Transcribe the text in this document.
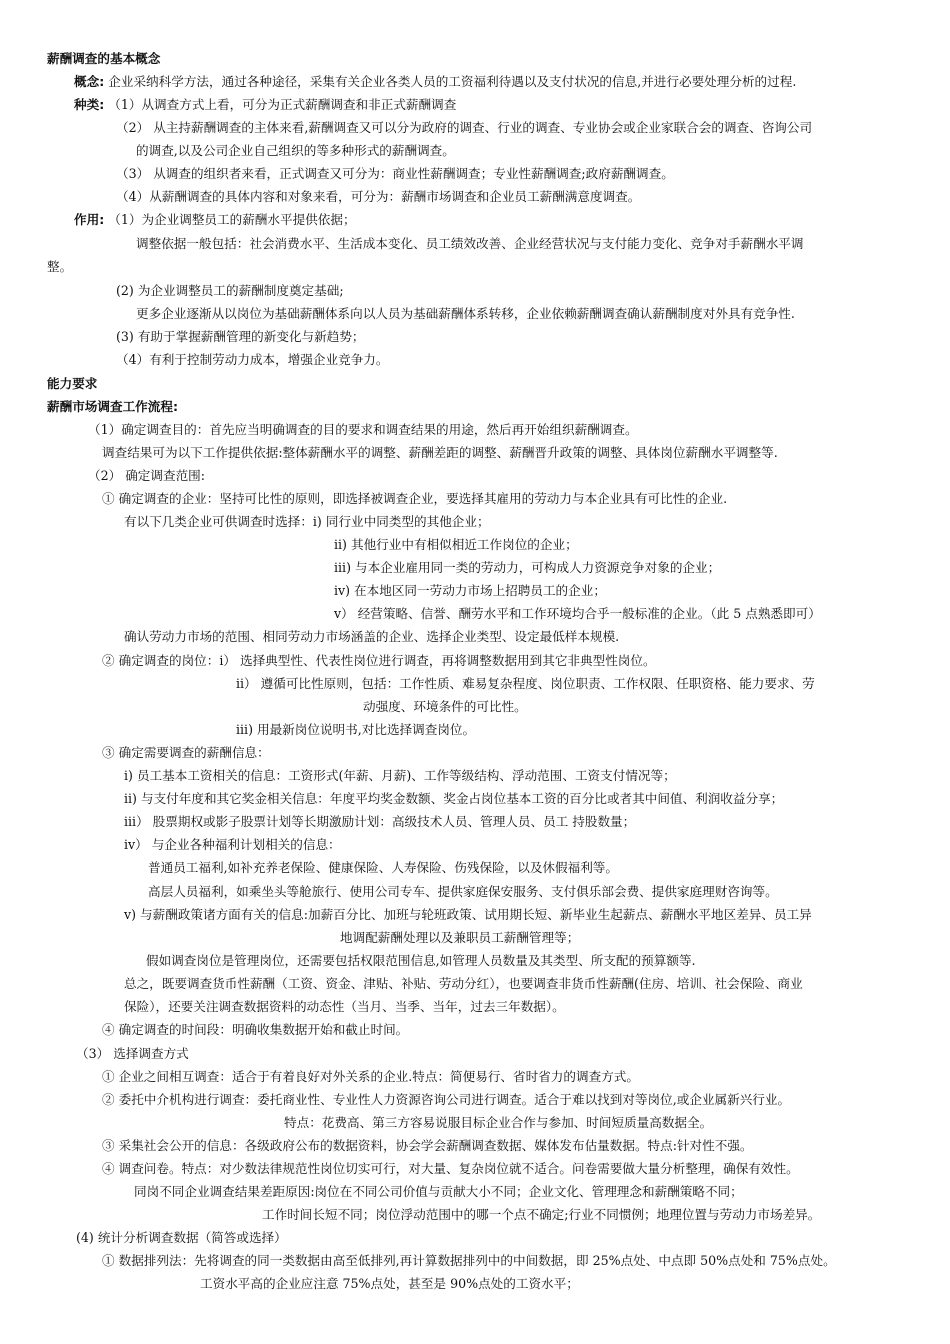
薪酬调查的基本概念
概念: 企业采纳科学方法，通过各种途径，采集有关企业各类人员的工资福利待遇以及支付状况的信息,并进行必要处理分析的过程.
种类: （1）从调查方式上看，可分为正式薪酬调查和非正式薪酬调查
（2） 从主持薪酬调查的主体来看,薪酬调查又可以分为政府的调查、行业的调查、专业协会或企业家联合会的调查、咨询公司
的调查,以及公司企业自己组织的等多种形式的薪酬调查。
（3） 从调查的组织者来看，正式调查又可分为：商业性薪酬调查；专业性薪酬调查;政府薪酬调查。
（4）从薪酬调查的具体内容和对象来看，可分为：薪酬市场调查和企业员工薪酬满意度调查。
作用: （1）为企业调整员工的薪酬水平提供依据；
调整依据一般包括：社会消费水平、生活成本变化、员工绩效改善、企业经营状况与支付能力变化、竞争对手薪酬水平调
整。
(2) 为企业调整员工的薪酬制度奠定基础;
更多企业逐渐从以岗位为基础薪酬体系向以人员为基础薪酬体系转移，企业依赖薪酬调查确认薪酬制度对外具有竞争性.
(3) 有助于掌握薪酬管理的新变化与新趋势；
（4）有利于控制劳动力成本，增强企业竞争力。
能力要求
薪酬市场调查工作流程:
（1）确定调查目的：首先应当明确调查的目的要求和调查结果的用途，然后再开始组织薪酬调查。
调查结果可为以下工作提供依据:整体薪酬水平的调整、薪酬差距的调整、薪酬晋升政策的调整、具体岗位薪酬水平调整等.
（2） 确定调查范围:
① 确定调查的企业：坚持可比性的原则，即选择被调查企业，要选择其雇用的劳动力与本企业具有可比性的企业.
有以下几类企业可供调查时选择：i) 同行业中同类型的其他企业；
ii) 其他行业中有相似相近工作岗位的企业；
iii) 与本企业雇用同一类的劳动力，可构成人力资源竞争对象的企业；
iv) 在本地区同一劳动力市场上招聘员工的企业；
v） 经营策略、信誉、酬劳水平和工作环境均合乎一般标准的企业。（此 5 点熟悉即可）
确认劳动力市场的范围、相同劳动力市场涵盖的企业、选择企业类型、设定最低样本规模.
② 确定调查的岗位：i） 选择典型性、代表性岗位进行调查，再将调整数据用到其它非典型性岗位。
ii） 遵循可比性原则，包括：工作性质、难易复杂程度、岗位职责、工作权限、任职资格、能力要求、劳
动强度、环境条件的可比性。
iii) 用最新岗位说明书,对比选择调查岗位。
③ 确定需要调查的薪酬信息：
i) 员工基本工资相关的信息：工资形式(年薪、月薪)、工作等级结构、浮动范围、工资支付情况等；
ii) 与支付年度和其它奖金相关信息：年度平均奖金数额、奖金占岗位基本工资的百分比或者其中间值、利润收益分享；
iii） 股票期权或影子股票计划等长期激励计划：高级技术人员、管理人员、员工 持股数量；
iv） 与企业各种福利计划相关的信息：
普通员工福利,如补充养老保险、健康保险、人寿保险、伤残保险，以及休假福利等。
高层人员福利，如乘坐头等舱旅行、使用公司专车、提供家庭保安服务、支付俱乐部会费、提供家庭理财咨询等。
v) 与薪酬政策诸方面有关的信息:加薪百分比、加班与轮班政策、试用期长短、新毕业生起薪点、薪酬水平地区差异、员工异
地调配薪酬处理以及兼职员工薪酬管理等；
假如调查岗位是管理岗位，还需要包括权限范围信息,如管理人员数量及其类型、所支配的预算额等.
总之，既要调查货币性薪酬（工资、资金、津贴、补贴、劳动分红），也要调查非货币性薪酬(住房、培训、社会保险、商业
保险），还要关注调查数据资料的动态性（当月、当季、当年，过去三年数据）。
④ 确定调查的时间段：明确收集数据开始和截止时间。
（3） 选择调查方式
① 企业之间相互调查：适合于有着良好对外关系的企业.特点：简便易行、省时省力的调查方式。
② 委托中介机构进行调查：委托商业性、专业性人力资源咨询公司进行调查。适合于难以找到对等岗位,或企业属新兴行业。
特点：花费高、第三方容易说服目标企业合作与参加、时间短质量高数据全。
③ 采集社会公开的信息：各级政府公布的数据资料，协会学会薪酬调查数据、媒体发布估量数据。特点:针对性不强。
④ 调查问卷。特点：对少数法律规范性岗位切实可行，对大量、复杂岗位就不适合。问卷需要做大量分析整理，确保有效性。
同岗不同企业调查结果差距原因:岗位在不同公司价值与贡献大小不同；企业文化、管理理念和薪酬策略不同；
工作时间长短不同；岗位浮动范围中的哪一个点不确定;行业不同惯例；地理位置与劳动力市场差异。
(4) 统计分析调查数据（简答或选择）
① 数据排列法：先将调查的同一类数据由高至低排列,再计算数据排列中的中间数据，即 25%点处、中点即 50%点处和 75%点处。
工资水平高的企业应注意 75%点处，甚至是 90%点处的工资水平；
